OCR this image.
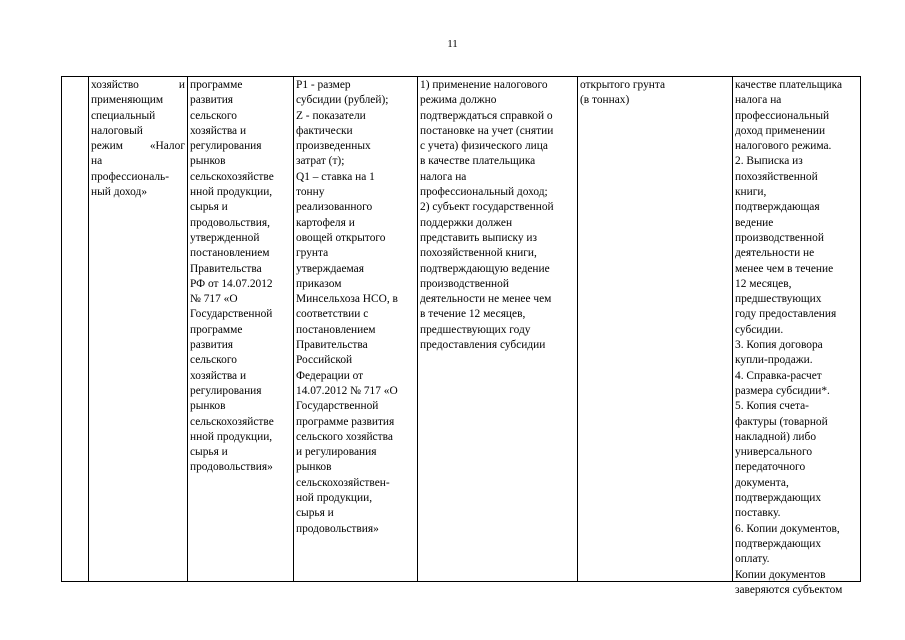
11
хозяйство	и
применяющим
специальный
налоговый
режим «Налог
на
профессиональ-
ный доход»
программе
развития
сельского
хозяйства и
регулирования
рынков
сельскохозяйстве
нной продукции,
сырья и
продовольствия,
утвержденной
постановлением
Правительства
РФ от 14.07.2012
№ 717 «О
Государственной
программе
развития
сельского
хозяйства и
регулирования
рынков
сельскохозяйстве
нной продукции,
сырья и
продовольствия»
P1 - размер
субсидии (рублей);
Z - показатели
фактически
произведенных
затрат (т);
Q1 – ставка на 1
тонну
реализованного
картофеля и
овощей открытого
грунта
утверждаемая
приказом
Минсельхоза НСО, в
соответствии с
постановлением
Правительства
Российской
Федерации от
14.07.2012 № 717 «О
Государственной
программе развития
сельского хозяйства
и регулирования
рынков
сельскохозяйствен-
ной продукции,
сырья и
продовольствия»
1) применение налогового
режима должно
подтверждаться справкой о
постановке на учет (снятии
с учета) физического лица
в качестве плательщика
налога на
профессиональный доход;
2) субъект государственной
поддержки должен
представить выписку из
похозяйственной книги,
подтверждающую ведение
производственной
деятельности не менее чем
в течение 12 месяцев,
предшествующих году
предоставления субсидии
открытого грунта
(в тоннах)
качестве плательщика
налога на
профессиональный
доход применении
налогового режима.
2. Выписка из
похозяйственной
книги,
подтверждающая
ведение
производственной
деятельности не
менее чем в течение
12 месяцев,
предшествующих
году предоставления
субсидии.
3. Копия договора
купли-продажи.
4. Справка-расчет
размера субсидии*.
5. Копия счета-
фактуры (товарной
накладной) либо
универсального
передаточного
документа,
подтверждающих
поставку.
6. Копии документов,
подтверждающих
оплату.
Копии документов
заверяются субъектом
